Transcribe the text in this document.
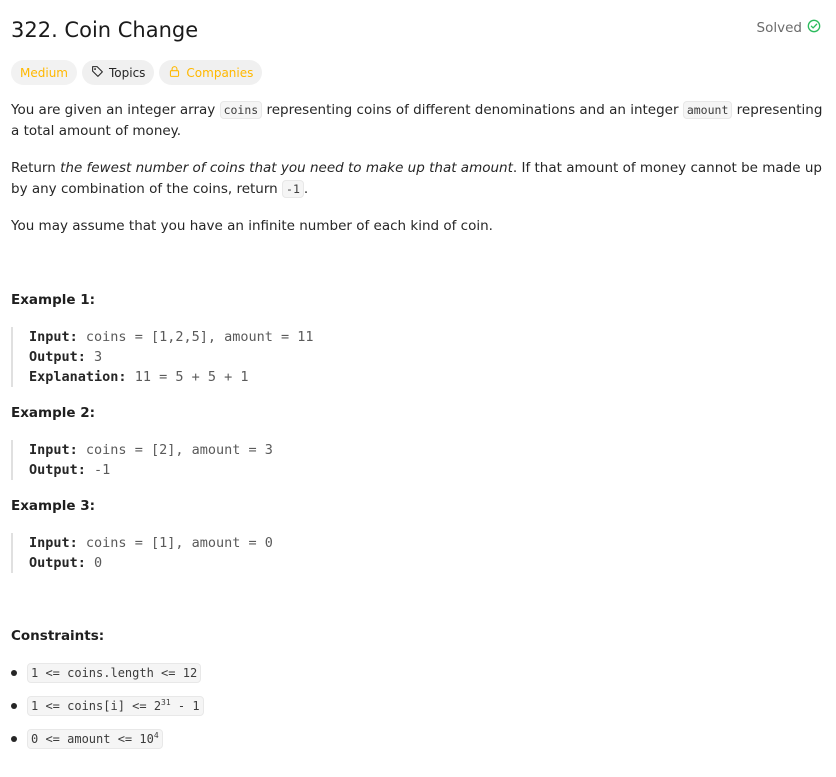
322. Coin Change	Solved
Medium	Topics	Companies

You are given an integer array coins representing coins of different denominations and an integer amount representing a total amount of money.

Return the fewest number of coins that you need to make up that amount. If that amount of money cannot be made up by any combination of the coins, return -1 .

You may assume that you have an infinite number of each kind of coin.

Example 1:
Input: coins = [1,2,5], amount = 11
Output: 3
Explanation: 11 = 5 + 5 + 1
Example 2:
Input: coins = [2], amount = 3
Output: -1
Example 3:
Input: coins = [1], amount = 0
Output: 0
Constraints:
1 <= coins.length <= 12
1 <= coins[i] <= $2^{31} - 1$
0 <= amount <= $10^4$
